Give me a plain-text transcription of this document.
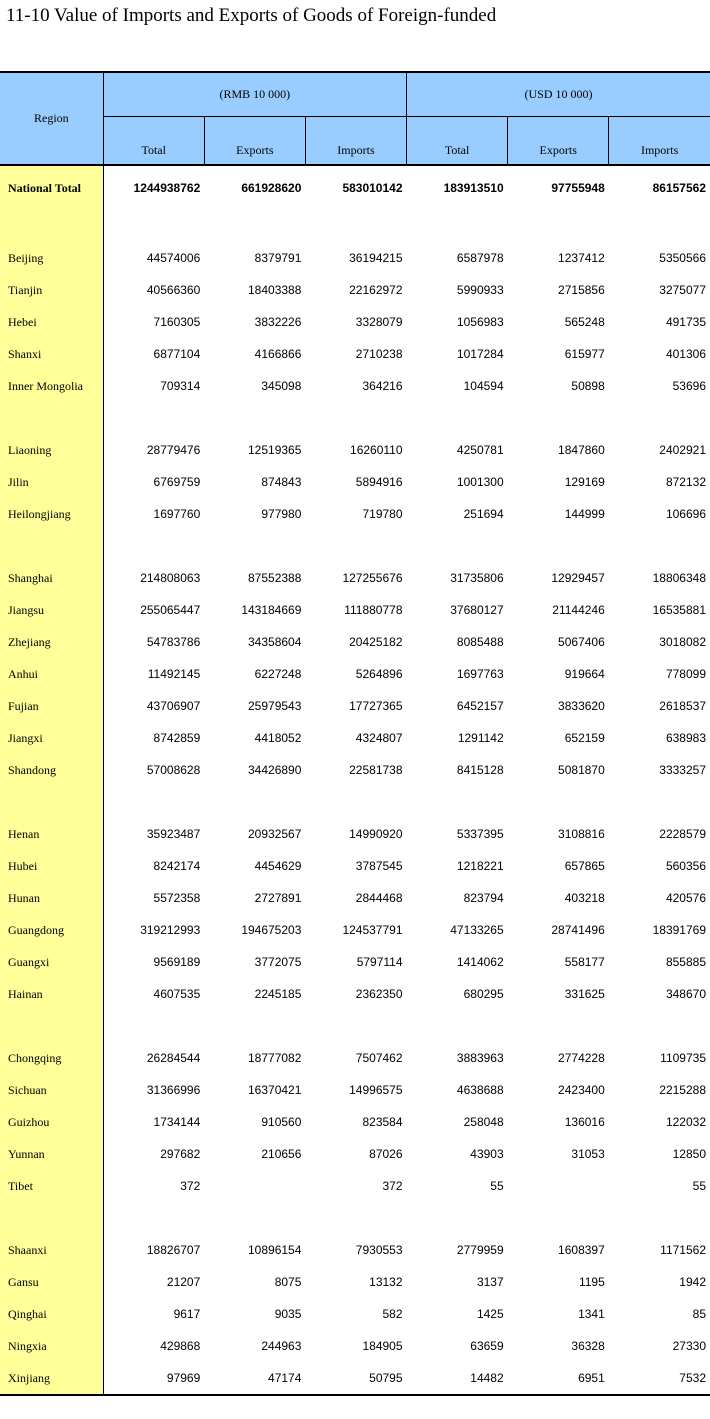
11-10 Value of Imports and Exports of Goods of Foreign-funded
Region	(RMB 10 000)			(USD 10 000)		
	Total	Exports	Imports	Total	Exports	Imports
National Total	1244938762	661928620	583010142	183913510	97755948	86157562

Beijing	44574006	8379791	36194215	6587978	1237412	5350566
Tianjin	40566360	18403388	22162972	5990933	2715856	3275077
Hebei	7160305	3832226	3328079	1056983	565248	491735
Shanxi	6877104	4166866	2710238	1017284	615977	401306
Inner Mongolia	709314	345098	364216	104594	50898	53696

Liaoning	28779476	12519365	16260110	4250781	1847860	2402921
Jilin	6769759	874843	5894916	1001300	129169	872132
Heilongjiang	1697760	977980	719780	251694	144999	106696

Shanghai	214808063	87552388	127255676	31735806	12929457	18806348
Jiangsu	255065447	143184669	111880778	37680127	21144246	16535881
Zhejiang	54783786	34358604	20425182	8085488	5067406	3018082
Anhui	11492145	6227248	5264896	1697763	919664	778099
Fujian	43706907	25979543	17727365	6452157	3833620	2618537
Jiangxi	8742859	4418052	4324807	1291142	652159	638983
Shandong	57008628	34426890	22581738	8415128	5081870	3333257

Henan	35923487	20932567	14990920	5337395	3108816	2228579
Hubei	8242174	4454629	3787545	1218221	657865	560356
Hunan	5572358	2727891	2844468	823794	403218	420576
Guangdong	319212993	194675203	124537791	47133265	28741496	18391769
Guangxi	9569189	3772075	5797114	1414062	558177	855885
Hainan	4607535	2245185	2362350	680295	331625	348670

Chongqing	26284544	18777082	7507462	3883963	2774228	1109735
Sichuan	31366996	16370421	14996575	4638688	2423400	2215288
Guizhou	1734144	910560	823584	258048	136016	122032
Yunnan	297682	210656	87026	43903	31053	12850
Tibet	372		372	55		55

Shaanxi	18826707	10896154	7930553	2779959	1608397	1171562
Gansu	21207	8075	13132	3137	1195	1942
Qinghai	9617	9035	582	1425	1341	85
Ningxia	429868	244963	184905	63659	36328	27330
Xinjiang	97969	47174	50795	14482	6951	7532
